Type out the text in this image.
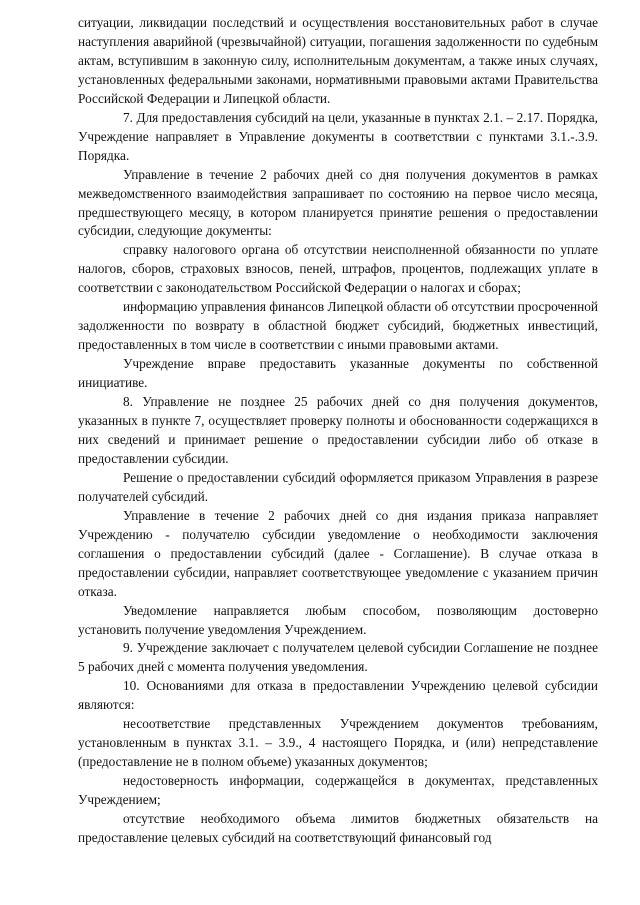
ситуации, ликвидации последствий и осуществления восстановительных работ в случае наступления аварийной (чрезвычайной) ситуации, погашения задолженности по судебным актам, вступившим в законную силу, исполнительным документам, а также иных случаях, установленных федеральными законами, нормативными правовыми актами Правительства Российской Федерации и Липецкой области.

7. Для предоставления субсидий на цели, указанные в пунктах 2.1. – 2.17. Порядка, Учреждение направляет в Управление документы в соответствии с пунктами 3.1.-.3.9. Порядка.

Управление в течение 2 рабочих дней со дня получения документов в рамках межведомственного взаимодействия запрашивает по состоянию на первое число месяца, предшествующего месяцу, в котором планируется принятие решения о предоставлении субсидии, следующие документы:

справку налогового органа об отсутствии неисполненной обязанности по уплате налогов, сборов, страховых взносов, пеней, штрафов, процентов, подлежащих уплате в соответствии с законодательством Российской Федерации о налогах и сборах;

информацию управления финансов Липецкой области об отсутствии просроченной задолженности по возврату в областной бюджет субсидий, бюджетных инвестиций, предоставленных в том числе в соответствии с иными правовыми актами.

Учреждение вправе предоставить указанные документы по собственной инициативе.

8. Управление не позднее 25 рабочих дней со дня получения документов, указанных в пункте 7, осуществляет проверку полноты и обоснованности содержащихся в них сведений и принимает решение о предоставлении субсидии либо об отказе в предоставлении субсидии.

Решение о предоставлении субсидий оформляется приказом Управления в разрезе получателей субсидий.

Управление в течение 2 рабочих дней со дня издания приказа направляет Учреждению - получателю субсидии уведомление о необходимости заключения соглашения о предоставлении субсидий (далее - Соглашение). В случае отказа в предоставлении субсидии, направляет соответствующее уведомление с указанием причин отказа.

Уведомление направляется любым способом, позволяющим достоверно установить получение уведомления Учреждением.

9. Учреждение заключает с получателем целевой субсидии Соглашение не позднее 5 рабочих дней с момента получения уведомления.

10. Основаниями для отказа в предоставлении Учреждению целевой субсидии являются:

несоответствие представленных Учреждением документов требованиям, установленным в пунктах 3.1. – 3.9., 4 настоящего Порядка, и (или) непредставление (предоставление не в полном объеме) указанных документов;

недостоверность информации, содержащейся в документах, представленных Учреждением;

отсутствие необходимого объема лимитов бюджетных обязательств на предоставление целевых субсидий на соответствующий финансовый год
